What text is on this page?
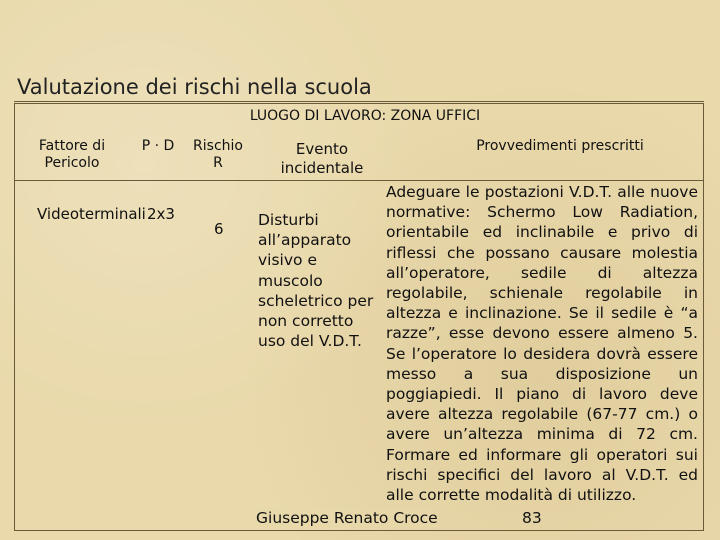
Valutazione dei rischi nella scuola
LUOGO DI LAVORO: ZONA UFFICI
Fattore di
Pericolo
P · D	Rischio
R
Evento
incidentale
Provvedimenti prescritti
Videoterminali 2x3
6 Disturbi
all’apparato
visivo e
muscolo
scheletrico per
non corretto
uso del V.D.T.
Adeguare le postazioni V.D.T. alle nuove normative: Schermo Low Radiation, orientabile ed inclinabile e privo di riflessi che possano causare molestia all’operatore, sedile di altezza regolabile, schienale regolabile in altezza e inclinazione. Se il sedile è “a razze”, esse devono essere almeno 5. Se l’operatore lo desidera dovrà essere messo a sua disposizione un poggiapiedi. Il piano di lavoro deve avere altezza regolabile (67-77 cm.) o avere un’altezza minima di 72 cm. Formare ed informare gli operatori sui rischi specifici del lavoro al V.D.T. ed alle corrette modalità di utilizzo.
Giuseppe Renato Croce	83
